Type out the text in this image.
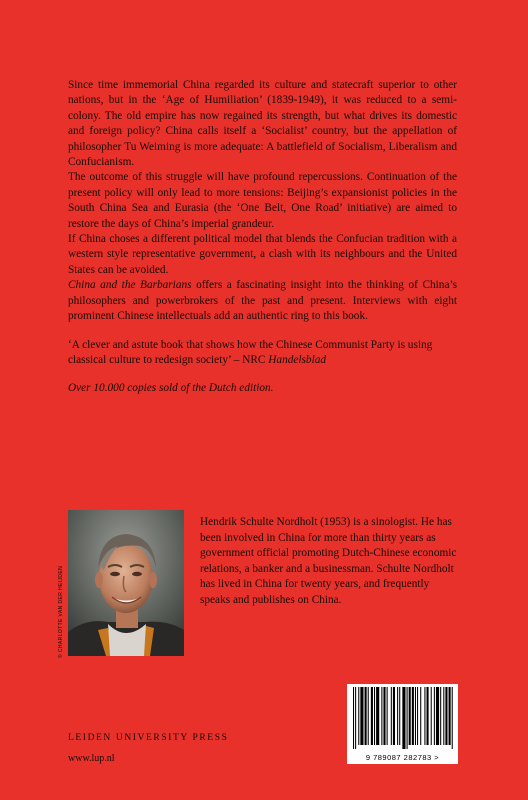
Since time immemorial China regarded its culture and statecraft superior to other nations, but in the ‘Age of Humiliation’ (1839-1949), it was reduced to a semi-colony. The old empire has now regained its strength, but what drives its domestic and foreign policy? China calls itself a ‘Socialist’ country, but the appellation of philosopher Tu Weiming is more adequate: A battlefield of Socialism, Liberalism and Confucianism.

The outcome of this struggle will have profound repercussions. Continuation of the present policy will only lead to more tensions: Beijing’s expansionist policies in the South China Sea and Eurasia (the ‘One Belt, One Road’ initiative) are aimed to restore the days of China’s imperial grandeur.

If China choses a different political model that blends the Confucian tradition with a western style representative government, a clash with its neighbours and the United States can be avoided.

China and the Barbarians offers a fascinating insight into the thinking of China’s philosophers and powerbrokers of the past and present. Interviews with eight prominent Chinese intellectuals add an authentic ring to this book.

‘A clever and astute book that shows how the Chinese Communist Party is using classical culture to redesign society’ – NRC Handelsblad

Over 10.000 copies sold of the Dutch edition.

© CHARLOTTE VAN DER HEIJDEN
Hendrik Schulte Nordholt (1953) is a sinologist. He has been involved in China for more than thirty years as government official promoting Dutch-Chinese economic relations, a banker and a businessman. Schulte Nordholt has lived in China for twenty years, and frequently speaks and publishes on China.
LEIDEN UNIVERSITY PRESS
www.lup.nl	9 789087 282783 >
